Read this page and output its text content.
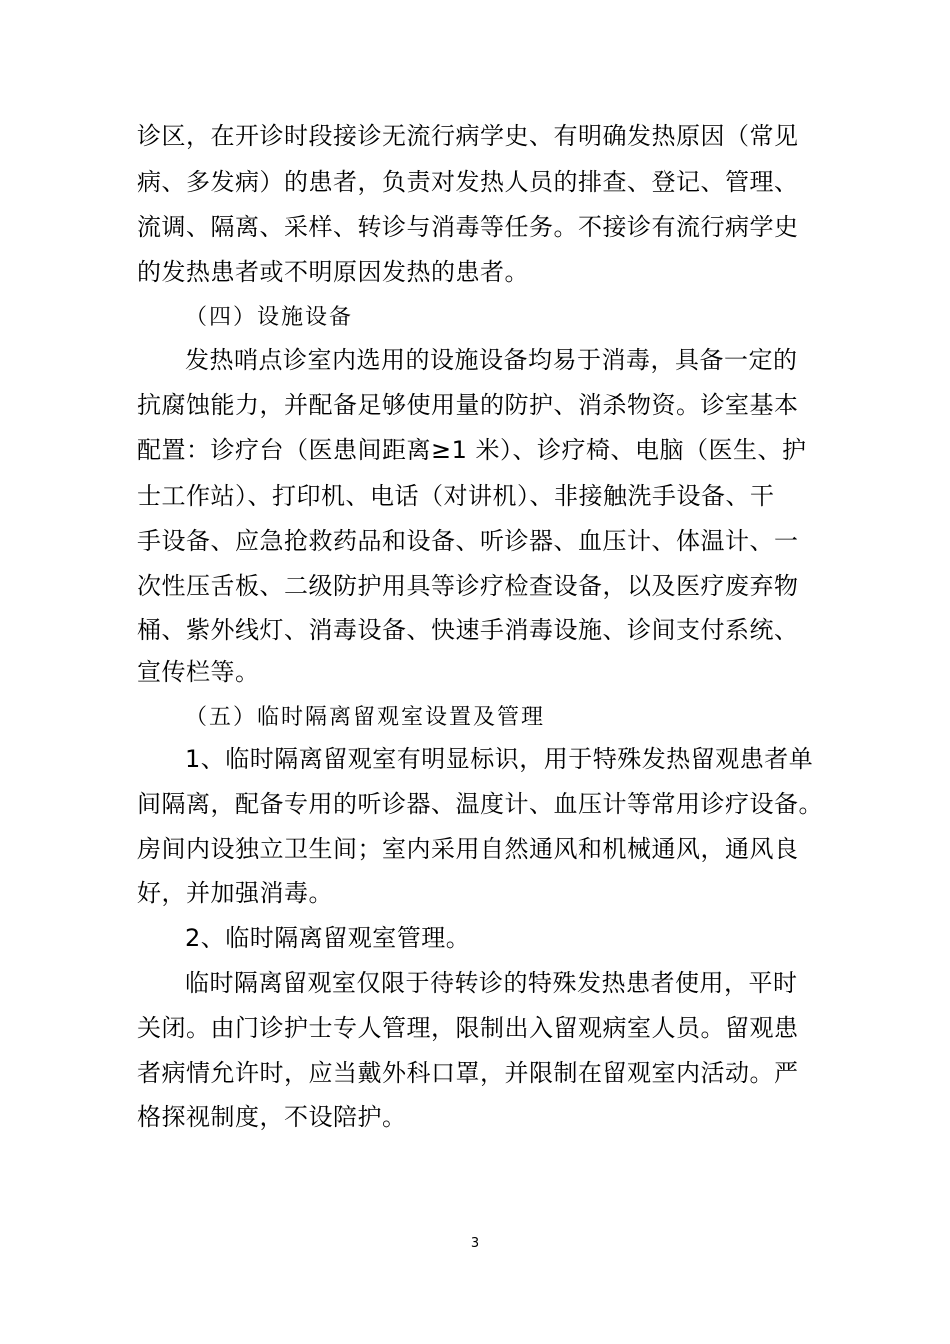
诊区，在开诊时段接诊无流行病学史、有明确发热原因（常见
病、多发病）的患者，负责对发热人员的排查、登记、管理、
流调、隔离、采样、转诊与消毒等任务。不接诊有流行病学史
的发热患者或不明原因发热的患者。
（四）设施设备
发热哨点诊室内选用的设施设备均易于消毒，具备一定的
抗腐蚀能力，并配备足够使用量的防护、消杀物资。诊室基本
配置：诊疗台（医患间距离≥1 米）、诊疗椅、电脑（医生、护
士工作站）、打印机、电话（对讲机）、非接触洗手设备、干
手设备、应急抢救药品和设备、听诊器、血压计、体温计、一
次性压舌板、二级防护用具等诊疗检查设备，以及医疗废弃物
桶、紫外线灯、消毒设备、快速手消毒设施、诊间支付系统、
宣传栏等。
（五）临时隔离留观室设置及管理
1、临时隔离留观室有明显标识，用于特殊发热留观患者单
间隔离，配备专用的听诊器、温度计、血压计等常用诊疗设备。
房间内设独立卫生间；室内采用自然通风和机械通风，通风良
好，并加强消毒。
2、临时隔离留观室管理。
临时隔离留观室仅限于待转诊的特殊发热患者使用，平时
关闭。由门诊护士专人管理，限制出入留观病室人员。留观患
者病情允许时，应当戴外科口罩，并限制在留观室内活动。严
格探视制度，不设陪护。
3
